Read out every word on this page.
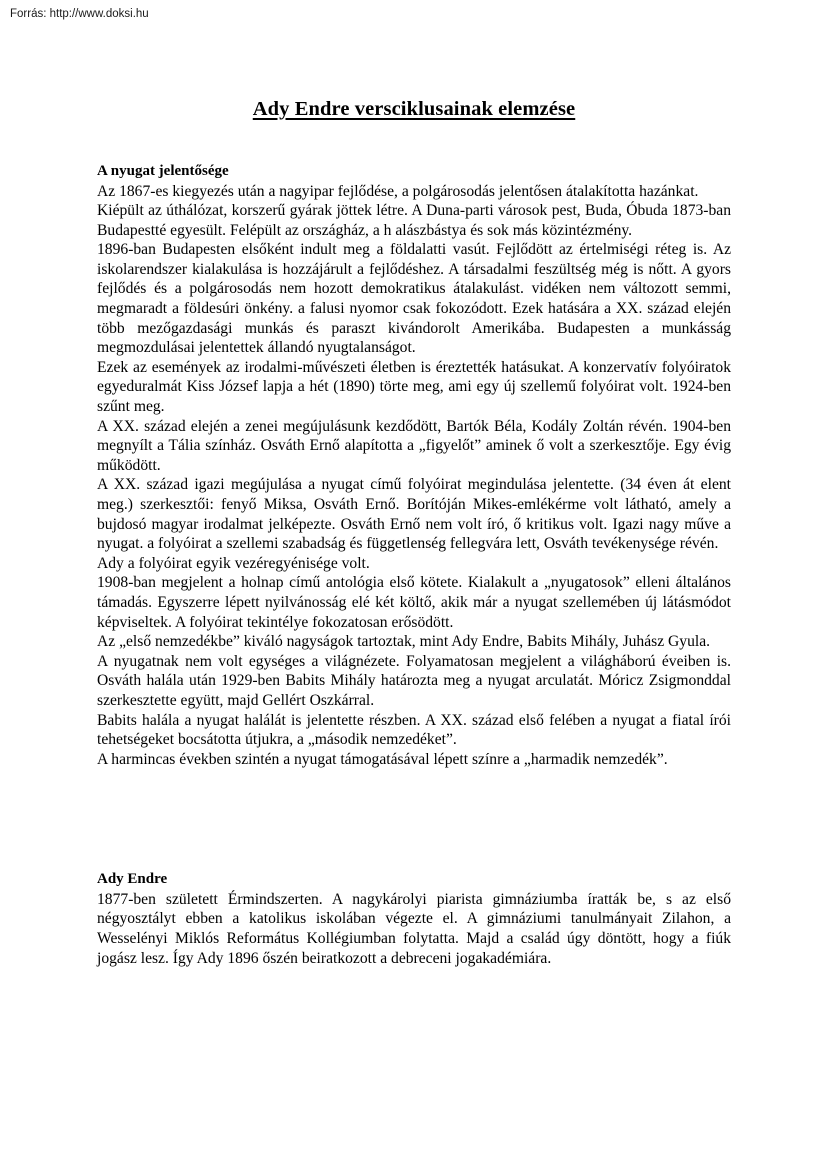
Forrás: http://www.doksi.hu
Ady Endre versciklusainak elemzése

A nyugat jelentősége

Az 1867-es kiegyezés után a nagyipar fejlődése, a polgárosodás jelentősen átalakította hazánkat.

Kiépült az úthálózat, korszerű gyárak jöttek létre. A Duna-parti városok pest, Buda, Óbuda 1873-ban Budapestté egyesült. Felépült az országház, a h alászbástya és sok más közintézmény.

1896-ban Budapesten elsőként indult meg a földalatti vasút. Fejlődött az értelmiségi réteg is. Az iskolarendszer kialakulása is hozzájárult a fejlődéshez. A társadalmi feszültség még is nőtt. A gyors fejlődés és a polgárosodás nem hozott demokratikus átalakulást. vidéken nem változott semmi, megmaradt a földesúri önkény. a falusi nyomor csak fokozódott. Ezek hatására a XX. század elején több mezőgazdasági munkás és paraszt kivándorolt Amerikába. Budapesten a munkásság megmozdulásai jelentettek állandó nyugtalanságot.

Ezek az események az irodalmi-művészeti életben is éreztették hatásukat. A konzervatív folyóiratok egyeduralmát Kiss József lapja a hét (1890) törte meg, ami egy új szellemű folyóirat volt. 1924-ben szűnt meg.

A XX. század elején a zenei megújulásunk kezdődött, Bartók Béla, Kodály Zoltán révén. 1904-ben megnyílt a Tália színház. Osváth Ernő alapította a „figyelőt” aminek ő volt a szerkesztője. Egy évig működött.

A XX. század igazi megújulása a nyugat című folyóirat megindulása jelentette. (34 éven át elent meg.) szerkesztői: fenyő Miksa, Osváth Ernő. Borítóján Mikes-emlékérme volt látható, amely a bujdosó magyar irodalmat jelképezte. Osváth Ernő nem volt író, ő kritikus volt. Igazi nagy műve a nyugat. a folyóirat a szellemi szabadság és függetlenség fellegvára lett, Osváth tevékenysége révén.

Ady a folyóirat egyik vezéregyénisége volt.

1908-ban megjelent a holnap című antológia első kötete. Kialakult a „nyugatosok” elleni általános támadás. Egyszerre lépett nyilvánosság elé két költő, akik már a nyugat szellemében új látásmódot képviseltek. A folyóirat tekintélye fokozatosan erősödött.

Az „első nemzedékbe” kiváló nagyságok tartoztak, mint Ady Endre, Babits Mihály, Juhász Gyula.

A nyugatnak nem volt egységes a világnézete. Folyamatosan megjelent a világháború éveiben is. Osváth halála után 1929-ben Babits Mihály határozta meg a nyugat arculatát. Móricz Zsigmonddal szerkesztette együtt, majd Gellért Oszkárral.

Babits halála a nyugat halálát is jelentette részben. A XX. század első felében a nyugat a fiatal írói tehetségeket bocsátotta útjukra, a „második nemzedéket”.

A harmincas években szintén a nyugat támogatásával lépett színre a „harmadik nemzedék”.

Ady Endre

1877-ben született Érmindszerten. A nagykárolyi piarista gimnáziumba íratták be, s az első négyosztályt ebben a katolikus iskolában végezte el. A gimnáziumi tanulmányait Zilahon, a Wesselényi Miklós Református Kollégiumban folytatta. Majd a család úgy döntött, hogy a fiúk jogász lesz. Így Ady 1896 őszén beiratkozott a debreceni jogakadémiára.
